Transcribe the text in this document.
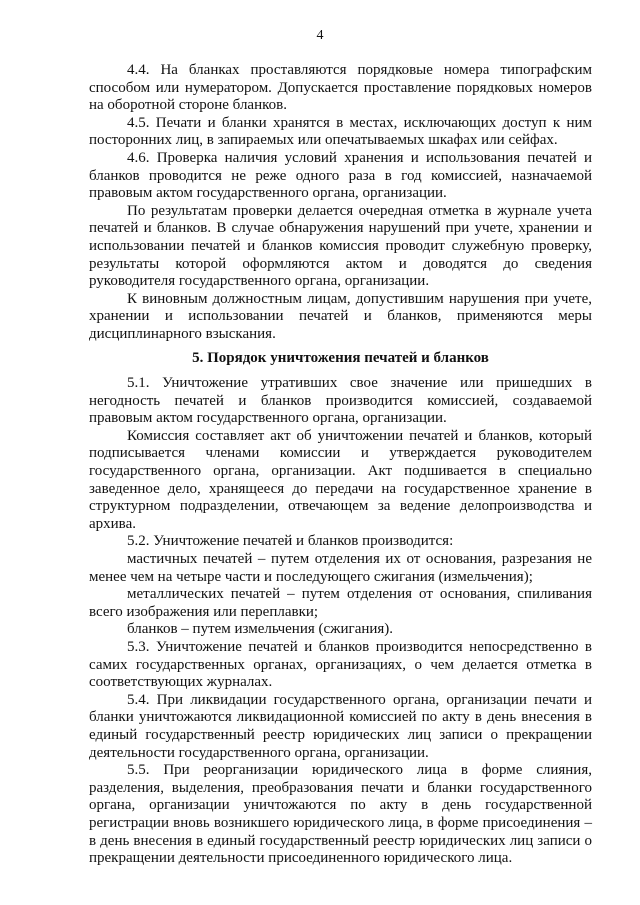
4

4.4. На бланках проставляются порядковые номера типографским способом или нумератором. Допускается проставление порядковых номеров на оборотной стороне бланков.

4.5. Печати и бланки хранятся в местах, исключающих доступ к ним посторонних лиц, в запираемых или опечатываемых шкафах или сейфах.

4.6. Проверка наличия условий хранения и использования печатей и бланков проводится не реже одного раза в год комиссией, назначаемой правовым актом государственного органа, организации.

По результатам проверки делается очередная отметка в журнале учета печатей и бланков. В случае обнаружения нарушений при учете, хранении и использовании печатей и бланков комиссия проводит служебную проверку, результаты которой оформляются актом и доводятся до сведения руководителя государственного органа, организации.

К виновным должностным лицам, допустившим нарушения при учете, хранении и использовании печатей и бланков, применяются меры дисциплинарного взыскания.

5. Порядок уничтожения печатей и бланков

5.1. Уничтожение утративших свое значение или пришедших в негодность печатей и бланков производится комиссией, создаваемой правовым актом государственного органа, организации.

Комиссия составляет акт об уничтожении печатей и бланков, который подписывается членами комиссии и утверждается руководителем государственного органа, организации. Акт подшивается в специально заведенное дело, хранящееся до передачи на государственное хранение в структурном подразделении, отвечающем за ведение делопроизводства и архива.

5.2. Уничтожение печатей и бланков производится:

мастичных печатей – путем отделения их от основания, разрезания не менее чем на четыре части и последующего сжигания (измельчения);

металлических печатей – путем отделения от основания, спиливания всего изображения или переплавки;

бланков – путем измельчения (сжигания).

5.3. Уничтожение печатей и бланков производится непосредственно в самих государственных органах, организациях, о чем делается отметка в соответствующих журналах.

5.4. При ликвидации государственного органа, организации печати и бланки уничтожаются ликвидационной комиссией по акту в день внесения в единый государственный реестр юридических лиц записи о прекращении деятельности государственного органа, организации.

5.5. При реорганизации юридического лица в форме слияния, разделения, выделения, преобразования печати и бланки государственного органа, организации уничтожаются по акту в день государственной регистрации вновь возникшего юридического лица, в форме присоединения – в день внесения в единый государственный реестр юридических лиц записи о прекращении деятельности присоединенного юридического лица.
